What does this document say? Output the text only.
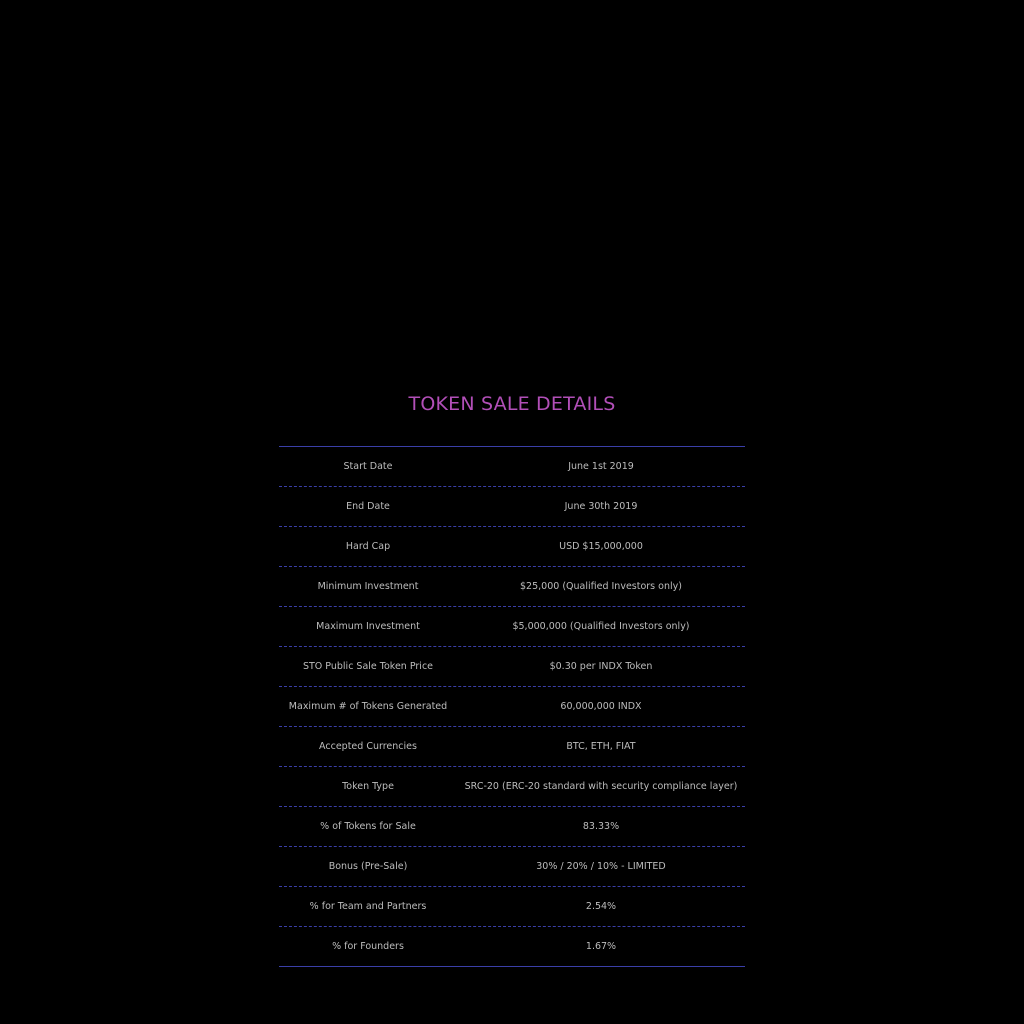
TOKEN SALE DETAILS
Start Date	June 1st 2019
End Date	June 30th 2019
Hard Cap	USD $15,000,000
Minimum Investment	$25,000 (Qualified Investors only)
Maximum Investment	$5,000,000 (Qualified Investors only)
STO Public Sale Token Price	$0.30 per INDX Token
Maximum # of Tokens Generated	60,000,000 INDX
Accepted Currencies	BTC, ETH, FIAT
Token Type	SRC-20 (ERC-20 standard with security compliance layer)
% of Tokens for Sale	83.33%
Bonus (Pre-Sale)	30% / 20% / 10% - LIMITED
% for Team and Partners	2.54%
% for Founders	1.67%
